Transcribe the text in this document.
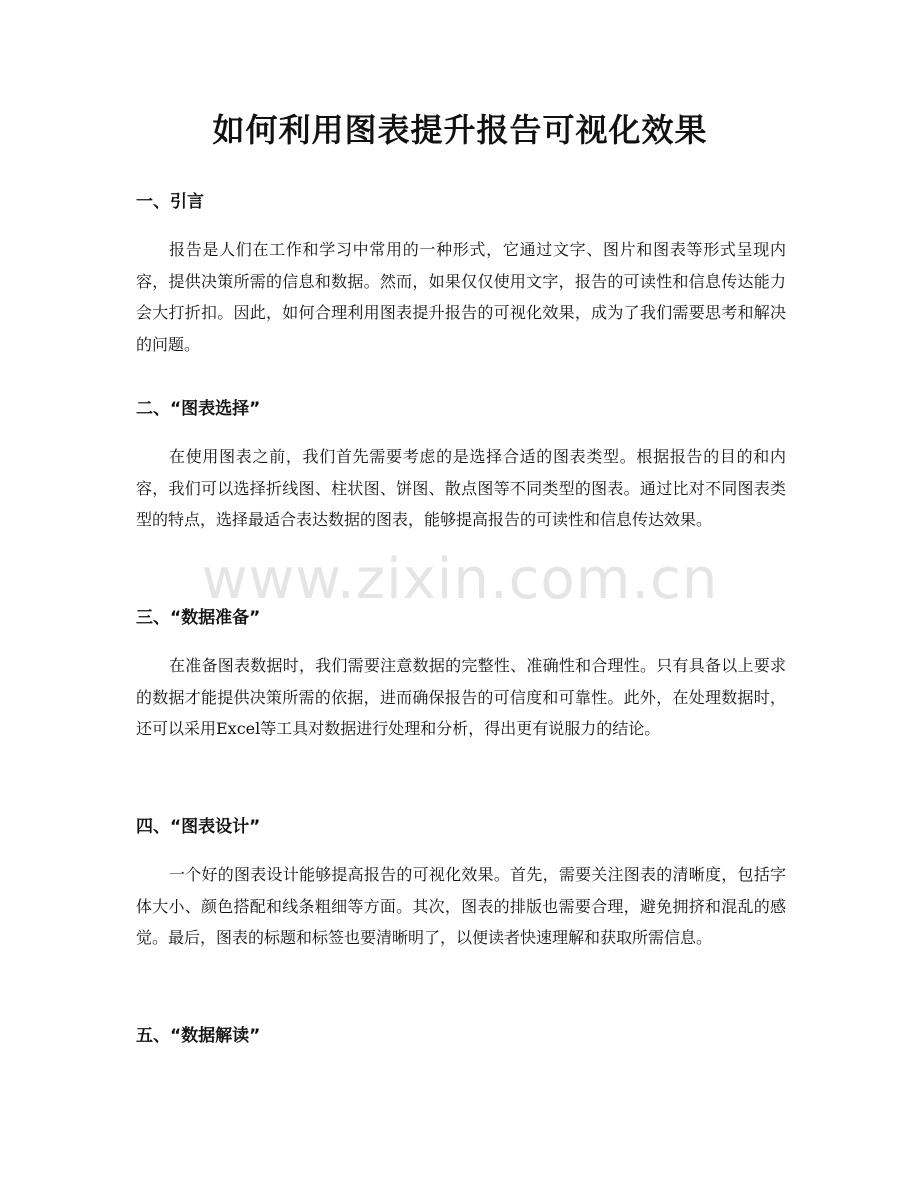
如何利用图表提升报告可视化效果
一、引言

报告是人们在工作和学习中常用的一种形式，它通过文字、图片和图表等形式呈现内容，提供决策所需的信息和数据。然而，如果仅仅使用文字，报告的可读性和信息传达能力会大打折扣。因此，如何合理利用图表提升报告的可视化效果，成为了我们需要思考和解决的问题。

二、“图表选择”

在使用图表之前，我们首先需要考虑的是选择合适的图表类型。根据报告的目的和内容，我们可以选择折线图、柱状图、饼图、散点图等不同类型的图表。通过比对不同图表类型的特点，选择最适合表达数据的图表，能够提高报告的可读性和信息传达效果。

三、“数据准备”

在准备图表数据时，我们需要注意数据的完整性、准确性和合理性。只有具备以上要求的数据才能提供决策所需的依据，进而确保报告的可信度和可靠性。此外，在处理数据时，还可以采用Excel等工具对数据进行处理和分析，得出更有说服力的结论。

四、“图表设计”

一个好的图表设计能够提高报告的可视化效果。首先，需要关注图表的清晰度，包括字体大小、颜色搭配和线条粗细等方面。其次，图表的排版也需要合理，避免拥挤和混乱的感觉。最后，图表的标题和标签也要清晰明了，以便读者快速理解和获取所需信息。

五、“数据解读”
www.zixin.com.cn
